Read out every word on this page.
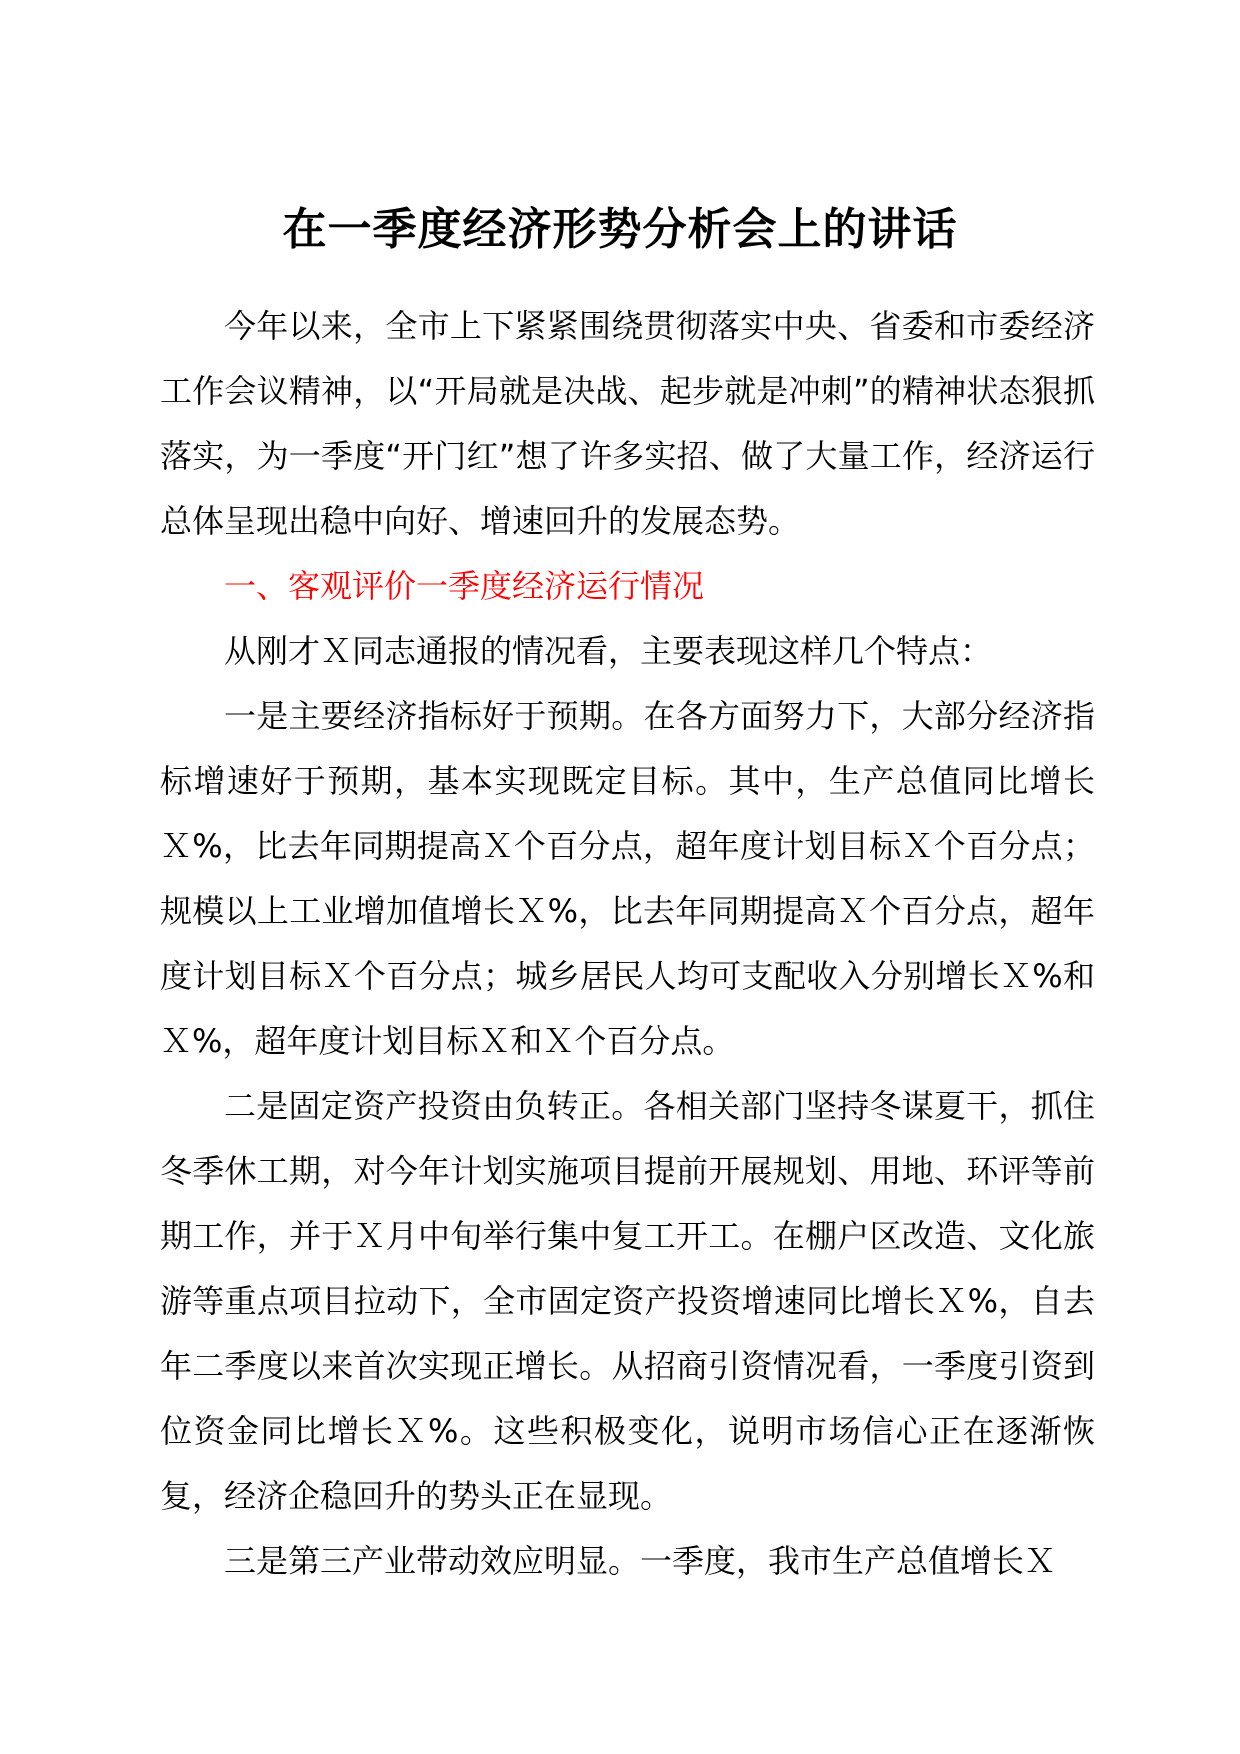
在一季度经济形势分析会上的讲话

今年以来，全市上下紧紧围绕贯彻落实中央、省委和市委经济工作会议精神，以“开局就是决战、起步就是冲刺”的精神状态狠抓落实，为一季度“开门红”想了许多实招、做了大量工作，经济运行总体呈现出稳中向好、增速回升的发展态势。

一、客观评价一季度经济运行情况

从刚才Ｘ同志通报的情况看，主要表现这样几个特点：

一是主要经济指标好于预期。在各方面努力下，大部分经济指标增速好于预期，基本实现既定目标。其中，生产总值同比增长Ｘ%，比去年同期提高Ｘ个百分点，超年度计划目标Ｘ个百分点；规模以上工业增加值增长Ｘ%，比去年同期提高Ｘ个百分点，超年度计划目标Ｘ个百分点；城乡居民人均可支配收入分别增长Ｘ%和Ｘ%，超年度计划目标Ｘ和Ｘ个百分点。

二是固定资产投资由负转正。各相关部门坚持冬谋夏干，抓住冬季休工期，对今年计划实施项目提前开展规划、用地、环评等前期工作，并于Ｘ月中旬举行集中复工开工。在棚户区改造、文化旅游等重点项目拉动下，全市固定资产投资增速同比增长Ｘ%，自去年二季度以来首次实现正增长。从招商引资情况看，一季度引资到位资金同比增长Ｘ%。这些积极变化，说明市场信心正在逐渐恢复，经济企稳回升的势头正在显现。

三是第三产业带动效应明显。一季度，我市生产总值增长Ｘ
